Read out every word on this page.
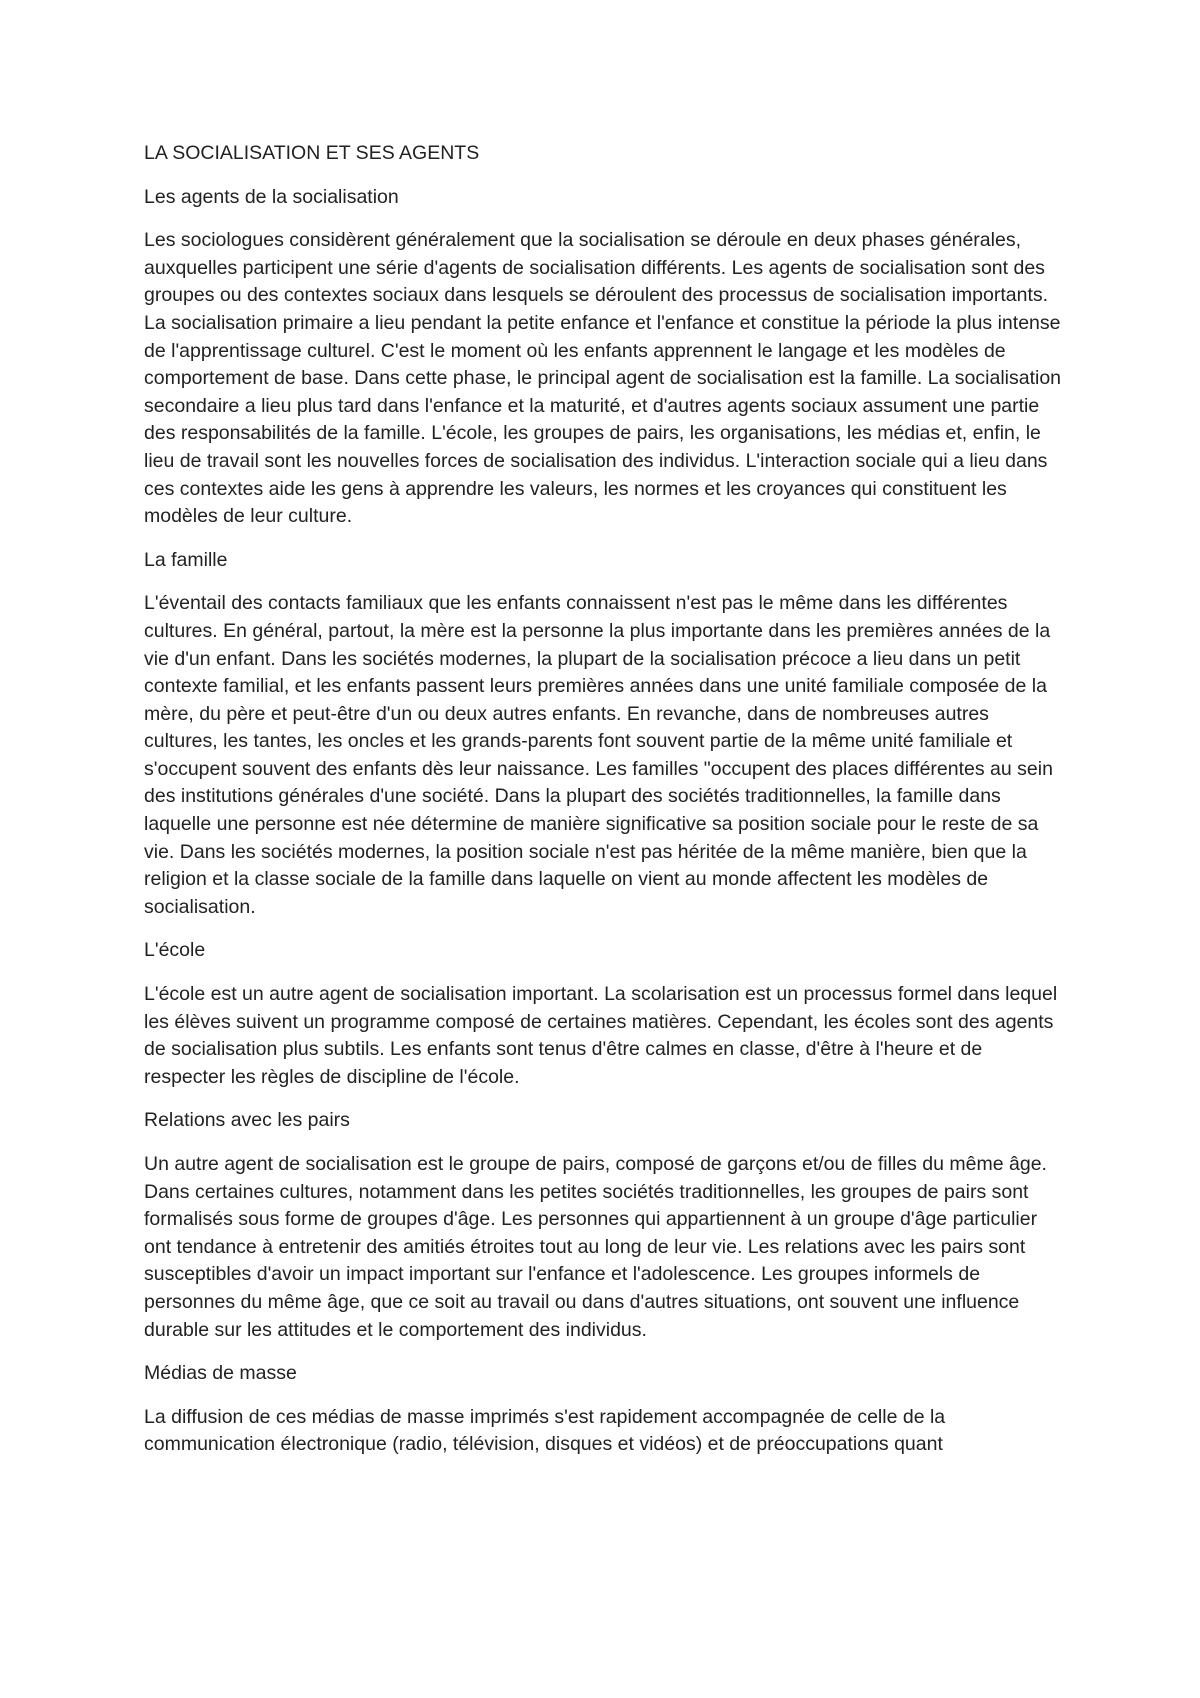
LA SOCIALISATION ET SES AGENTS

Les agents de la socialisation

Les sociologues considèrent généralement que la socialisation se déroule en deux phases générales, auxquelles participent une série d'agents de socialisation différents. Les agents de socialisation sont des groupes ou des contextes sociaux dans lesquels se déroulent des processus de socialisation importants. La socialisation primaire a lieu pendant la petite enfance et l'enfance et constitue la période la plus intense de l'apprentissage culturel. C'est le moment où les enfants apprennent le langage et les modèles de comportement de base. Dans cette phase, le principal agent de socialisation est la famille. La socialisation secondaire a lieu plus tard dans l'enfance et la maturité, et d'autres agents sociaux assument une partie des responsabilités de la famille. L'école, les groupes de pairs, les organisations, les médias et, enfin, le lieu de travail sont les nouvelles forces de socialisation des individus. L'interaction sociale qui a lieu dans ces contextes aide les gens à apprendre les valeurs, les normes et les croyances qui constituent les modèles de leur culture.

La famille

L'éventail des contacts familiaux que les enfants connaissent n'est pas le même dans les différentes cultures. En général, partout, la mère est la personne la plus importante dans les premières années de la vie d'un enfant. Dans les sociétés modernes, la plupart de la socialisation précoce a lieu dans un petit contexte familial, et les enfants passent leurs premières années dans une unité familiale composée de la mère, du père et peut-être d'un ou deux autres enfants. En revanche, dans de nombreuses autres cultures, les tantes, les oncles et les grands-parents font souvent partie de la même unité familiale et s'occupent souvent des enfants dès leur naissance. Les familles "occupent des places différentes au sein des institutions générales d'une société. Dans la plupart des sociétés traditionnelles, la famille dans laquelle une personne est née détermine de manière significative sa position sociale pour le reste de sa vie. Dans les sociétés modernes, la position sociale n'est pas héritée de la même manière, bien que la religion et la classe sociale de la famille dans laquelle on vient au monde affectent les modèles de socialisation.

L'école

L'école est un autre agent de socialisation important. La scolarisation est un processus formel dans lequel les élèves suivent un programme composé de certaines matières. Cependant, les écoles sont des agents de socialisation plus subtils. Les enfants sont tenus d'être calmes en classe, d'être à l'heure et de respecter les règles de discipline de l'école.

Relations avec les pairs

Un autre agent de socialisation est le groupe de pairs, composé de garçons et/ou de filles du même âge. Dans certaines cultures, notamment dans les petites sociétés traditionnelles, les groupes de pairs sont formalisés sous forme de groupes d'âge. Les personnes qui appartiennent à un groupe d'âge particulier ont tendance à entretenir des amitiés étroites tout au long de leur vie. Les relations avec les pairs sont susceptibles d'avoir un impact important sur l'enfance et l'adolescence. Les groupes informels de personnes du même âge, que ce soit au travail ou dans d'autres situations, ont souvent une influence durable sur les attitudes et le comportement des individus.

Médias de masse

La diffusion de ces médias de masse imprimés s'est rapidement accompagnée de celle de la communication électronique (radio, télévision, disques et vidéos) et de préoccupations quant
